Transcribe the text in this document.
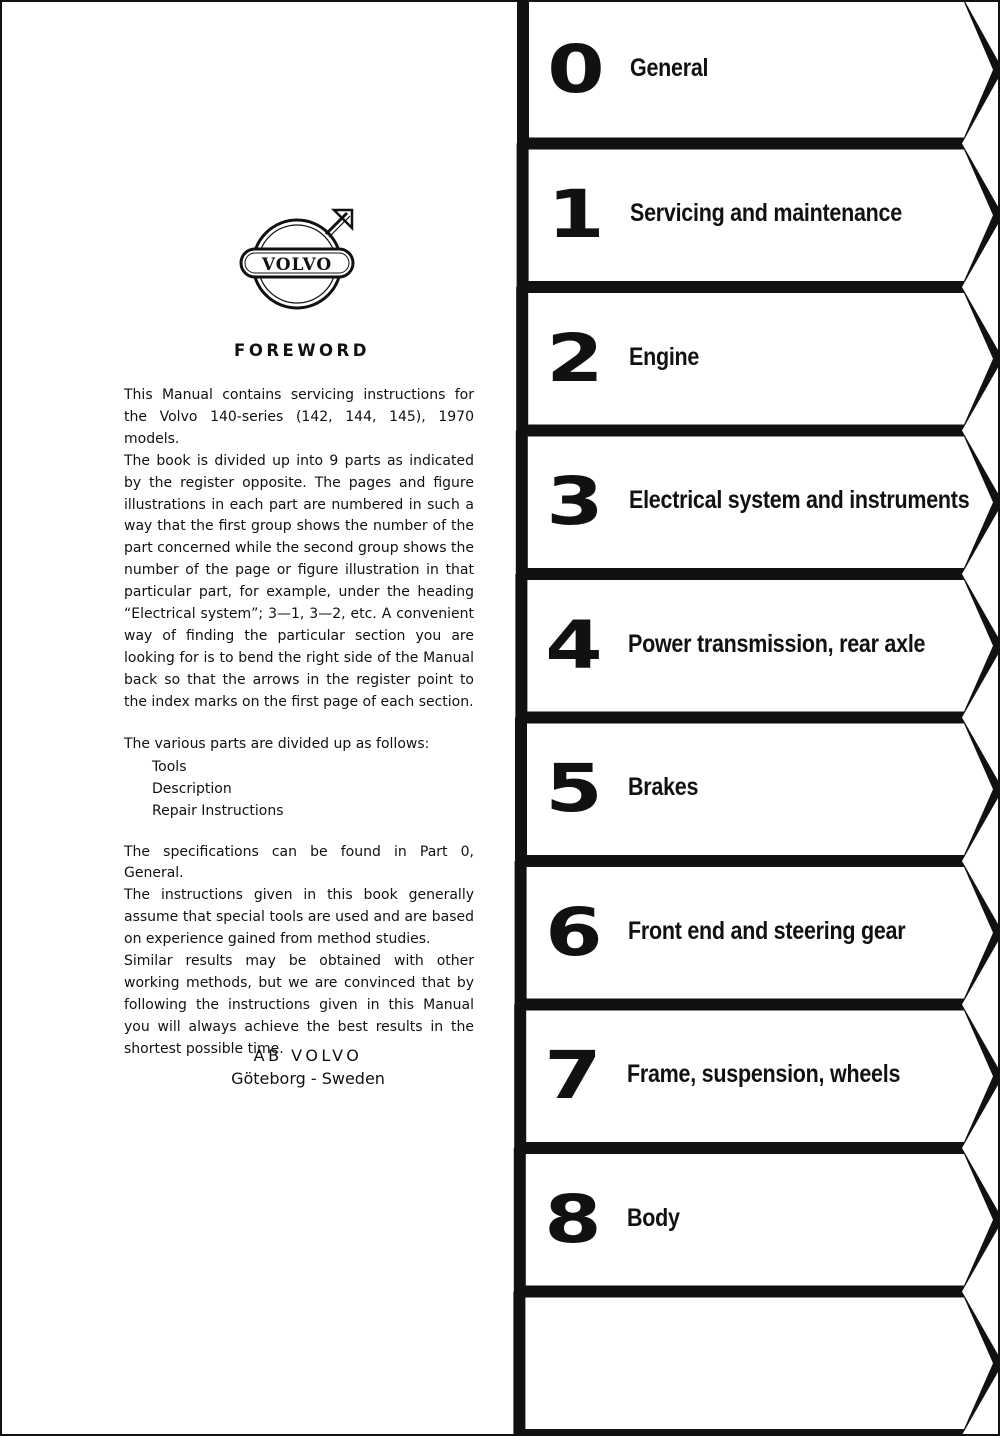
VOLVO
FOREWORD

This Manual contains servicing instructions for the Volvo 140-series (142, 144, 145), 1970 models.

The book is divided up into 9 parts as indicated by the register opposite. The pages and figure illustrations in each part are numbered in such a way that the first group shows the number of the part concerned while the second group shows the number of the page or figure illustration in that particular part, for example, under the heading “Electrical system”; 3—1, 3—2, etc. A convenient way of finding the particular section you are looking for is to bend the right side of the Manual back so that the arrows in the register point to the index marks on the first page of each section.

The various parts are divided up as follows:

Tools
Description
Repair Instructions

The specifications can be found in Part 0, General.

The instructions given in this book generally assume that special tools are used and are based on experience gained from method studies.

Similar results may be obtained with other working methods, but we are convinced that by following the instructions given in this Manual you will always achieve the best results in the shortest possible time.

AB VOLVO
Göteborg - Sweden
0	General
1	Servicing and maintenance
2	Engine
3	Electrical system and instruments
4	Power transmission, rear axle
5	Brakes
6	Front end and steering gear
7	Frame, suspension, wheels
8	Body
